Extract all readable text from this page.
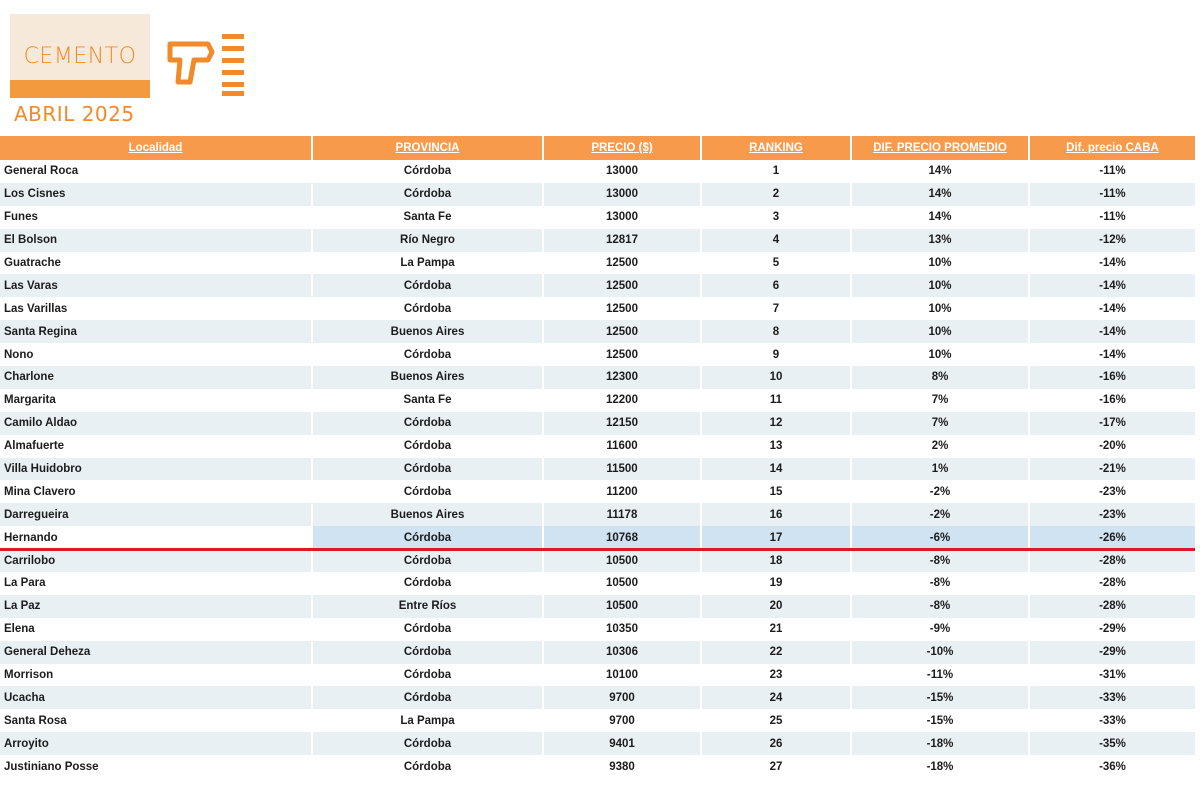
CEMENTO
ABRIL 2025
Localidad	PROVINCIA	PRECIO ($)	RANKING	DIF. PRECIO PROMEDIO	Dif. precio CABA
General Roca	Córdoba	13000	1	14%	-11%
Los Cisnes	Córdoba	13000	2	14%	-11%
Funes	Santa Fe	13000	3	14%	-11%
El Bolson	Río Negro	12817	4	13%	-12%
Guatrache	La Pampa	12500	5	10%	-14%
Las Varas	Córdoba	12500	6	10%	-14%
Las Varillas	Córdoba	12500	7	10%	-14%
Santa Regina	Buenos Aires	12500	8	10%	-14%
Nono	Córdoba	12500	9	10%	-14%
Charlone	Buenos Aires	12300	10	8%	-16%
Margarita	Santa Fe	12200	11	7%	-16%
Camilo Aldao	Córdoba	12150	12	7%	-17%
Almafuerte	Córdoba	11600	13	2%	-20%
Villa Huidobro	Córdoba	11500	14	1%	-21%
Mina Clavero	Córdoba	11200	15	-2%	-23%
Darregueira	Buenos Aires	11178	16	-2%	-23%
Hernando	Córdoba	10768	17	-6%	-26%
Carrilobo	Córdoba	10500	18	-8%	-28%
La Para	Córdoba	10500	19	-8%	-28%
La Paz	Entre Ríos	10500	20	-8%	-28%
Elena	Córdoba	10350	21	-9%	-29%
General Deheza	Córdoba	10306	22	-10%	-29%
Morrison	Córdoba	10100	23	-11%	-31%
Ucacha	Córdoba	9700	24	-15%	-33%
Santa Rosa	La Pampa	9700	25	-15%	-33%
Arroyito	Córdoba	9401	26	-18%	-35%
Justiniano Posse	Córdoba	9380	27	-18%	-36%
